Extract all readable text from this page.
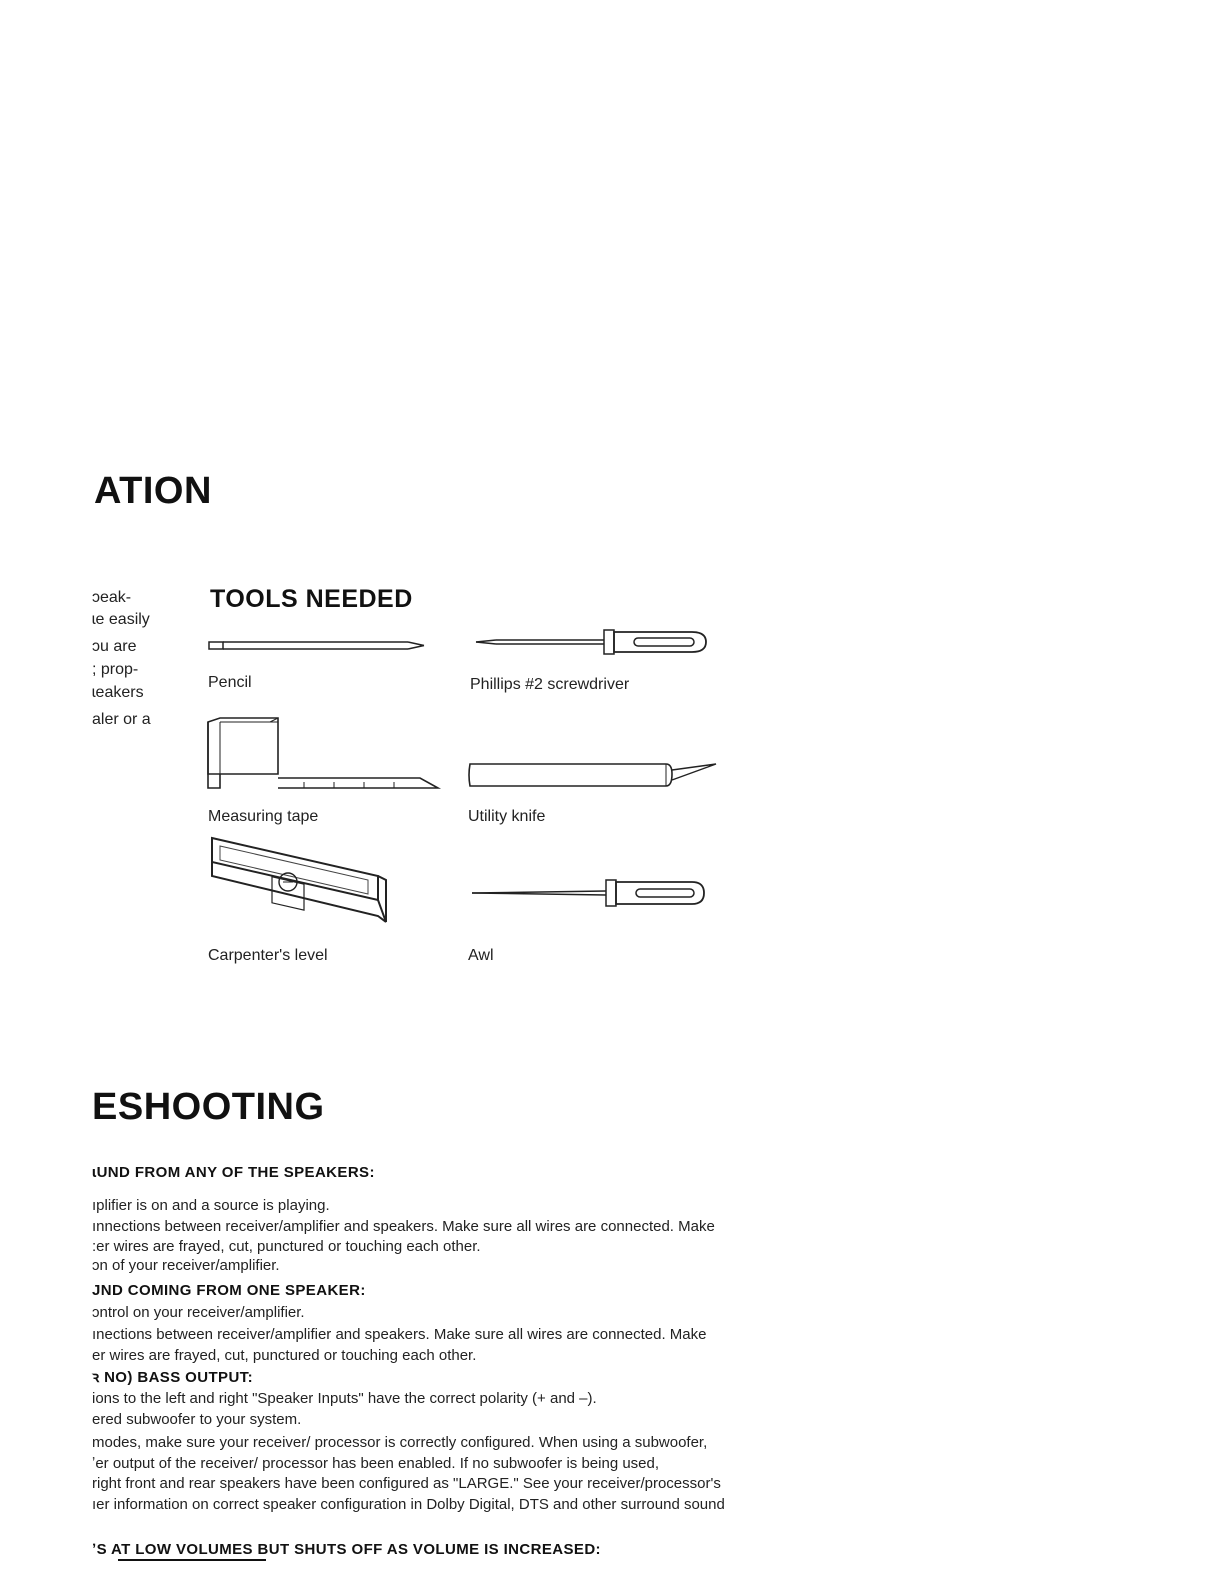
ATION
ɔeak-
ɩe easily
ɔu are
; prop-
ɩeakers
aler or a
TOOLS NEEDED
Pencil	Phillips #2 screwdriver
Measuring tape	Utility knife
Carpenter's level	Awl
ESHOOTING
ɩUND FROM ANY OF THE SPEAKERS:
ıplifier is on and a source is playing.
ınnections between receiver/amplifier and speakers. Make sure all wires are connected. Make
:er wires are frayed, cut, punctured or touching each other.
ɔn of your receiver/amplifier.
JND COMING FROM ONE SPEAKER:
ɔntrol on your receiver/amplifier.
ınections between receiver/amplifier and speakers. Make sure all wires are connected. Make
er wires are frayed, cut, punctured or touching each other.
ꝛ NO) BASS OUTPUT:
ions to the left and right "Speaker Inputs" have the correct polarity (+ and –).
ered subwoofer to your system.
modes, make sure your receiver/ processor is correctly configured. When using a subwoofer,
ʼer output of the receiver/ processor has been enabled. If no subwoofer is being used,
right front and rear speakers have been configured as "LARGE." See your receiver/processor's
ıer information on correct speaker configuration in Dolby Digital, DTS and other surround sound
ʼS AT LOW VOLUMES BUT SHUTS OFF AS VOLUME IS INCREASED:
